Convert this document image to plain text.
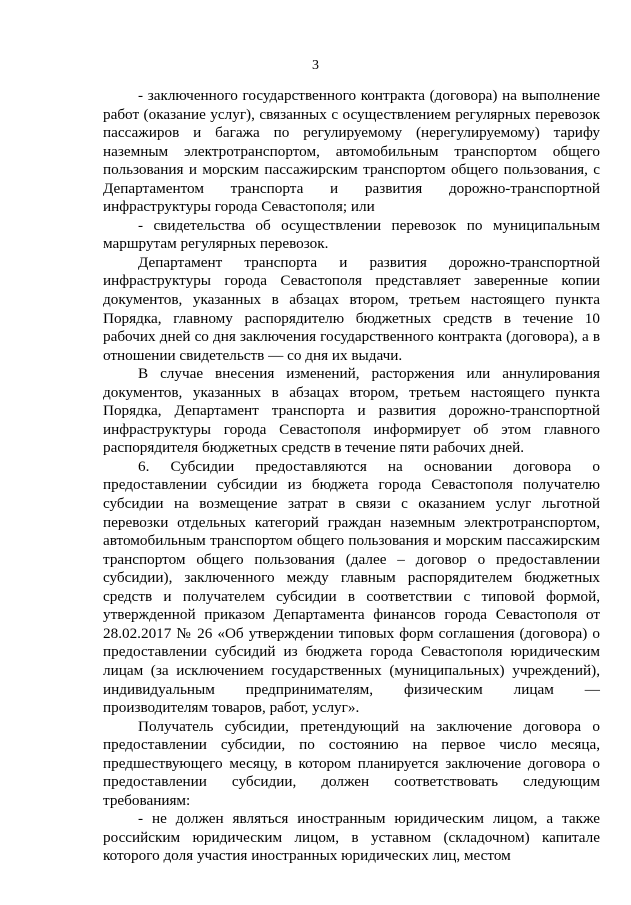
3

- заключенного государственного контракта (договора) на выполнение работ (оказание услуг), связанных с осуществлением регулярных перевозок пассажиров и багажа по регулируемому (нерегулируемому) тарифу наземным электротранспортом, автомобильным транспортом общего пользования и морским пассажирским транспортом общего пользования, с Департаментом транспорта и развития дорожно-транспортной инфраструктуры города Севастополя; или

- свидетельства об осуществлении перевозок по муниципальным маршрутам регулярных перевозок.

Департамент транспорта и развития дорожно-транспортной инфраструктуры города Севастополя представляет заверенные копии документов, указанных в абзацах втором, третьем настоящего пункта Порядка, главному распорядителю бюджетных средств в течение 10 рабочих дней со дня заключения государственного контракта (договора), а в отношении свидетельств — со дня их выдачи.

В случае внесения изменений, расторжения или аннулирования документов, указанных в абзацах втором, третьем настоящего пункта Порядка, Департамент транспорта и развития дорожно-транспортной инфраструктуры города Севастополя информирует об этом главного распорядителя бюджетных средств в течение пяти рабочих дней.

6. Субсидии предоставляются на основании договора о предоставлении субсидии из бюджета города Севастополя получателю субсидии на возмещение затрат в связи с оказанием услуг льготной перевозки отдельных категорий граждан наземным электротранспортом, автомобильным транспортом общего пользования и морским пассажирским транспортом общего пользования (далее – договор о предоставлении субсидии), заключенного между главным распорядителем бюджетных средств и получателем субсидии в соответствии с типовой формой, утвержденной приказом Департамента финансов города Севастополя от 28.02.2017 № 26 «Об утверждении типовых форм соглашения (договора) о предоставлении субсидий из бюджета города Севастополя юридическим лицам (за исключением государственных (муниципальных) учреждений), индивидуальным предпринимателям, физическим лицам — производителям товаров, работ, услуг».

Получатель субсидии, претендующий на заключение договора о предоставлении субсидии, по состоянию на первое число месяца, предшествующего месяцу, в котором планируется заключение договора о предоставлении субсидии, должен соответствовать следующим требованиям:

- не должен являться иностранным юридическим лицом, а также российским юридическим лицом, в уставном (складочном) капитале которого доля участия иностранных юридических лиц, местом
